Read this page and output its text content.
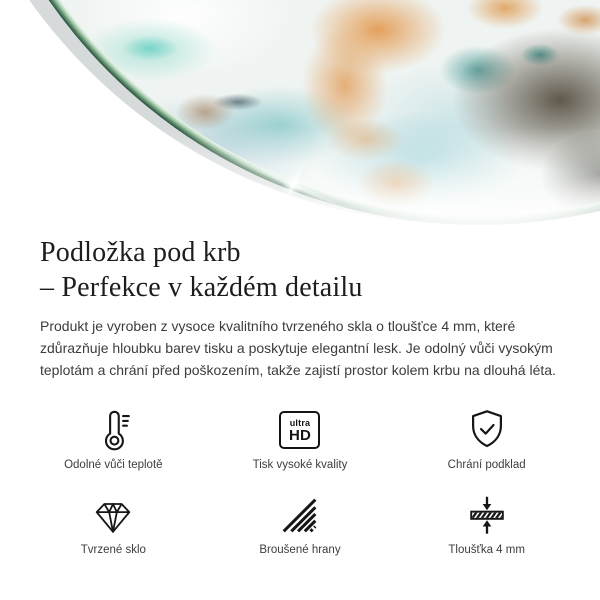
Podložka pod krb
– Perfekce v každém detailu

Produkt je vyroben z vysoce kvalitního tvrzeného skla o tloušťce 4 mm, které zdůrazňuje hloubku barev tisku a poskytuje elegantní lesk. Je odolný vůči vysokým teplotám a chrání před poškozením, takže zajistí prostor kolem krbu na dlouhá léta.

Odolné vůči teplotě
ultra
HD
Tisk vysoké kvality	Chrání podklad
Tvrzené sklo	Broušené hrany	Tloušťka 4 mm
